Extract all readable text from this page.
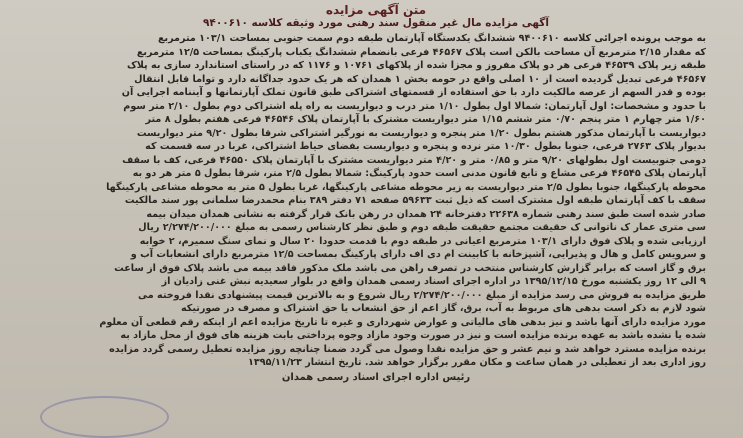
متن آگهی مزایده
آگهی مزایده مال غیر منقول سند رهنی مورد وثیقه کلاسه ۹۴۰۰۶۱۰
به موجب پرونده اجرائی کلاسه ۹۴۰۰۶۱۰ ششدانگ یکدستگاه آپارتمان طبقه دوم سمت جنوبی بمساحت ۱۰۳/۱ مترمربع
که مقدار ۲/۱۵ مترمربع آن مساحت بالکن است پلاک ۴۶۵۶۷ فرعی بانضمام ششدانگ یکباب پارکینگ بمساحت ۱۲/۵ مترمربع
طبقه زیر پلاک ۴۶۵۳۹ فرعی هر دو پلاک مفروز و مجزا شده از پلاکهای ۱۰۷۶۱ و ۱۱۷۶ که در راستای استاندارد سازی به پلاک
۴۶۵۶۷ فرعی تبدیل گردیده است از ۱۰ اصلی واقع در حومه بخش ۱ همدان که هر یک حدود جداگانه دارد و تواما قابل انتقال
بوده و قدر السهم از عرصه مالکیت دارد با حق استفاده از قسمتهای اشتراکی طبق قانون تملک آپارتمانها و آیننامه اجرایی آن
با حدود و مشخصات: اول آپارتمان: شمالا اول بطول ۱/۱۰ متر درب و دیواریست به راه پله اشتراکی دوم بطول ۲/۱۰ متر سوم
۱/۶۰ متر چهارم ۱ متر پنجم ۰/۷۰ متر ششم ۱/۱۵ متر دیواریست مشترک با آپارتمان پلاک ۴۶۵۴۶ فرعی هفتم بطول ۸ متر
دیواریست با آپارتمان مذکور هشتم بطول ۱/۲۰ متر پنجره و دیواریست به نورگیر اشتراکی شرقا بطول ۹/۲۰ متر دیواریست
بدیوار پلاک ۲۷۶۳ فرعی، جنوبا بطول ۱۰/۳۰ متر نرده و پنجره و دیواریست بفضای حیاط اشتراکی، غربا در سه قسمت که
دومی جنوبیست اول بطولهای ۹/۲۰ متر و ۰/۸۵ متر و ۴/۲۰ متر دیواریست مشترک با آپارتمان پلاک ۴۶۵۵۰ فرعی، کف با سقف
آپارتمان پلاک ۴۶۵۴۵ فرعی مشاع و تابع قانون مدنی است حدود پارکینگ: شمالا بطول ۲/۵ متر، شرقا بطول ۵ متر هر دو به
محوطه پارکینگها، جنوبا بطول ۲/۵ متر دیواریست به زیر محوطه مشاعی پارکینگها، غربا بطول ۵ متر به محوطه مشاعی پارکینگها
سقف با کف آپارتمان طبقه اول مشترک است که ذیل ثبت ۵۹۶۳۳ صفحه ۷۱ دفتر ۳۸۹ بنام محمدرضا سلمانی پور سند مالکیت
صادر شده است طبق سند رهنی شماره ۲۲۶۳۸ دفترخانه ۲۴ همدان در رهن بانک قرار گرفته به نشانی همدان میدان بیمه
سی متری عمار ک ناتوانی ک حقیقت مجتمع حقیقت طبقه دوم و طبق نظر کارشناس رسمی به مبلغ ۲/۲۷۴/۲۰۰/۰۰۰ ریال
ارزیابی شده و پلاک فوق دارای ۱۰۳/۱ مترمربع اعیانی در طبقه دوم با قدمت حدودا ۲۰ سال و نمای سنگ سمیرم، ۲ خوابه
و سرویس کامل و هال و پذیرایی، آشپزخانه با کابینت ام دی اف دارای پارکینگ بمساحت ۱۲/۵ مترمربع دارای انشعابات آب و
برق و گاز است که برابر گزارش کارشناس منتخب در تصرف راهن می باشد ملک مذکور فاقد بیمه می باشد پلاک فوق از ساعت
۹ الی ۱۲ روز یکشنبه مورخ ۱۳۹۵/۱۲/۱۵ در اداره اجرای اسناد رسمی همدان واقع در بلوار سعیدیه نبش غنی زادیان از
طریق مزایده به فروش می رسد مزایده از مبلغ ۲/۲۷۴/۲۰۰/۰۰۰ ریال شروع و به بالاترین قیمت پیشنهادی نقدا فروخته می
شود لازم به ذکر است بدهی های مربوط به آب، برق، گاز اعم از حق انشعاب یا حق اشتراک و مصرف در صورتیکه
مورد مزایده دارای آنها باشد و نیز بدهی های مالیاتی و عوارض شهرداری و غیره تا تاریخ مزایده اعم از اینکه رقم قطعی آن معلوم
شده یا نشده باشد به عهده برنده مزایده است و نیز در صورت وجود مازاد وجوه پرداختی بابت هزینه های فوق از محل مازاد به
برنده مزایده مسترد خواهد شد و نیم عشر و حق مزایده نقدا وصول می گردد ضمنا چنانچه روز مزایده تعطیل رسمی گردد مزایده
روز اداری بعد از تعطیلی در همان ساعت و مکان مقرر برگزار خواهد شد. تاریخ انتشار ۱۳۹۵/۱۱/۲۳
رئیس اداره اجرای اسناد رسمی همدان
